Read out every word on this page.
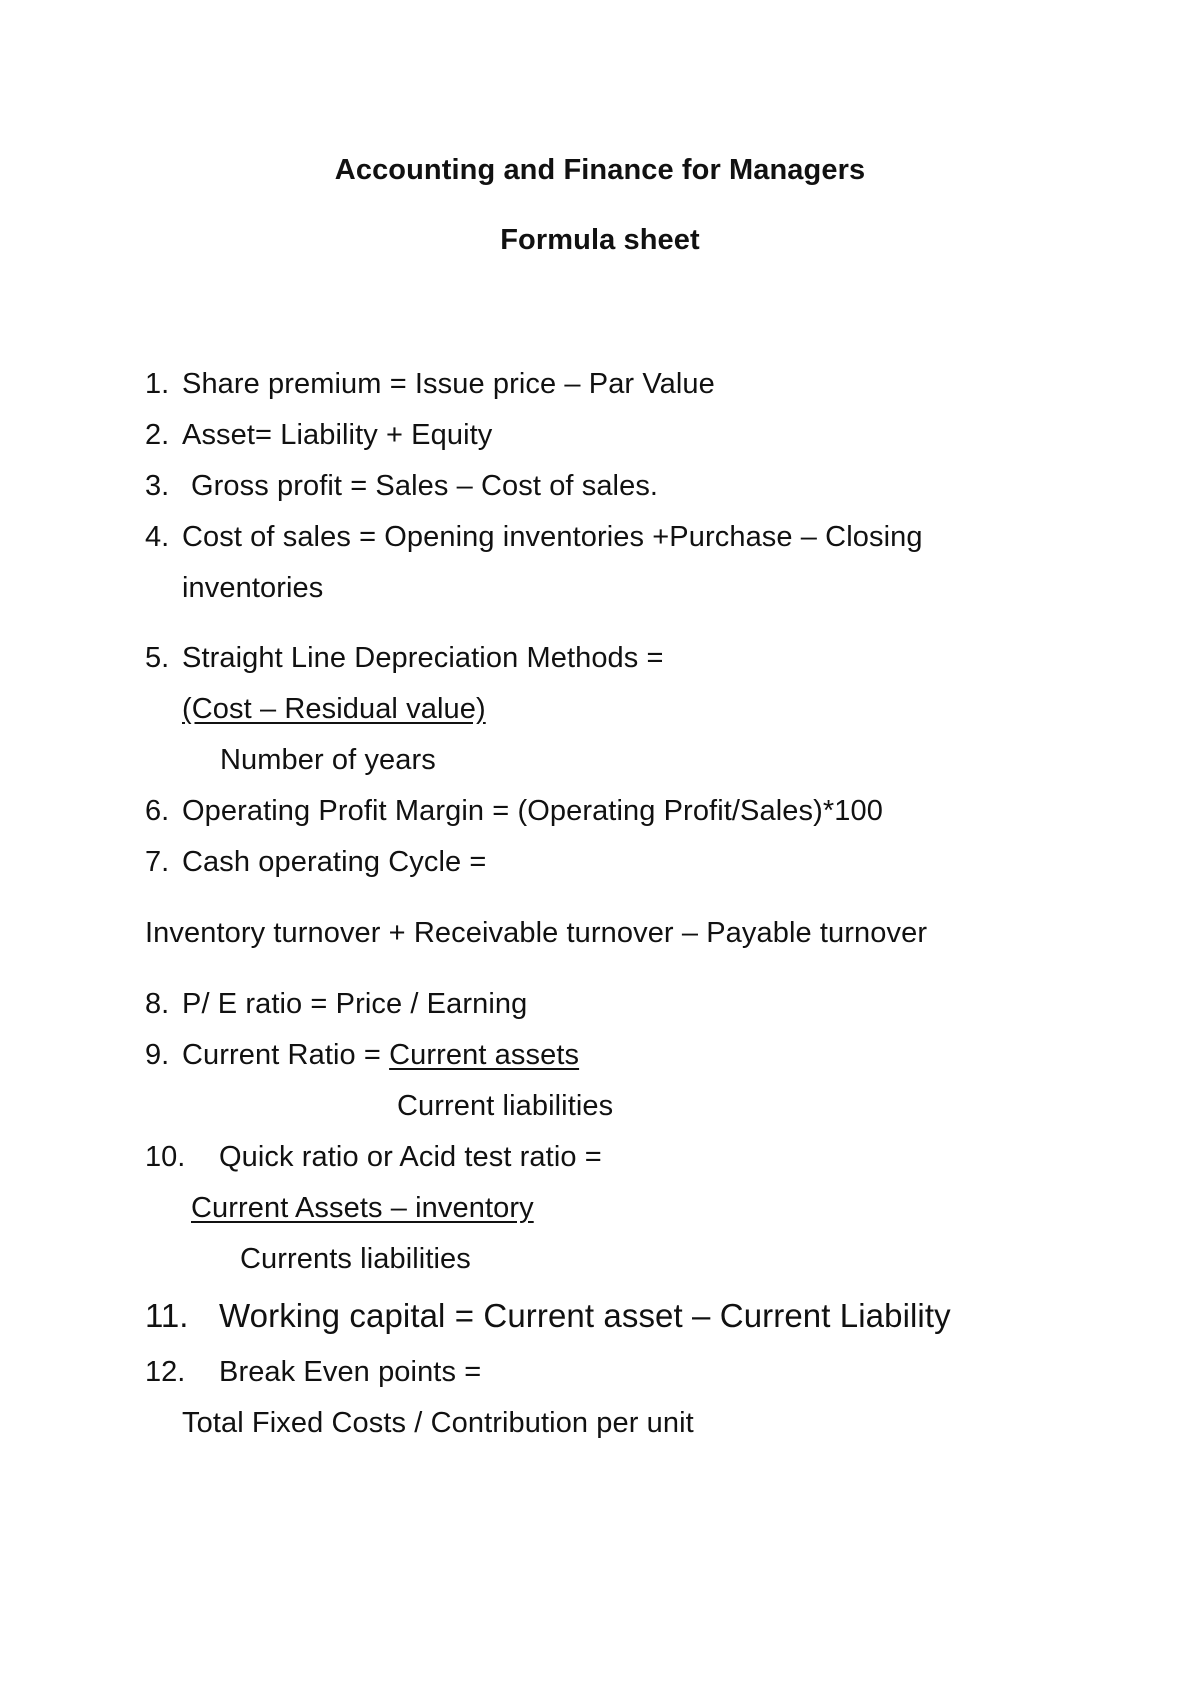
Accounting and Finance for Managers
Formula sheet
1. Share premium = Issue price – Par Value
2. Asset= Liability + Equity
3. Gross profit = Sales – Cost of sales.
4. Cost of sales = Opening inventories +Purchase – Closing
inventories
5. Straight Line Depreciation Methods =
(Cost – Residual value)
Number of years
6. Operating Profit Margin = (Operating Profit/Sales)*100
7. Cash operating Cycle =
Inventory turnover + Receivable turnover – Payable turnover
8. P/ E ratio = Price / Earning
9. Current Ratio = Current assets
Current liabilities
10. Quick ratio or Acid test ratio =
Current Assets – inventory
Currents liabilities
11. Working capital = Current asset – Current Liability
12. Break Even points =
Total Fixed Costs / Contribution per unit
